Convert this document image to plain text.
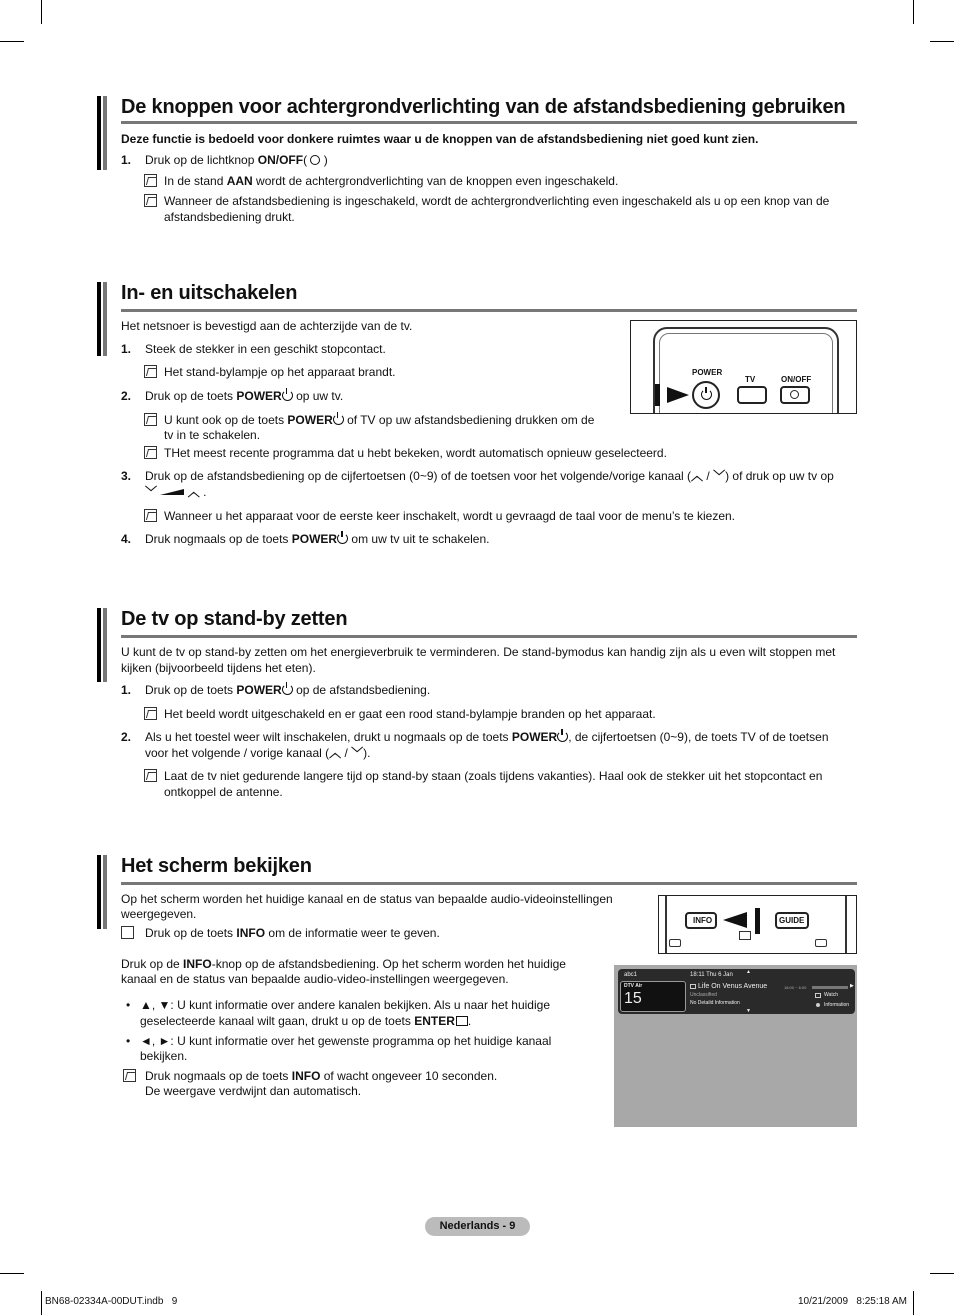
De knoppen voor achtergrondverlichting van de afstandsbediening gebruiken
Deze functie is bedoeld voor donkere ruimtes waar u de knoppen van de afstandsbediening niet goed kunt zien.
1. Druk op de lichtknop ON/OFF( )
In de stand AAN wordt de achtergrondverlichting van de knoppen even ingeschakeld.
Wanneer de afstandsbediening is ingeschakeld, wordt de achtergrondverlichting even ingeschakeld als u op een knop van de
afstandsbediening drukt.
In- en uitschakelen
Het netsnoer is bevestigd aan de achterzijde van de tv.
1. Steek de stekker in een geschikt stopcontact.
Het stand-bylampje op het apparaat brandt.
2. Druk op de toets POWER op uw tv.
U kunt ook op de toets POWER of TV op uw afstandsbediening drukken om de
tv in te schakelen.
THet meest recente programma dat u hebt bekeken, wordt automatisch opnieuw geselecteerd.
3. Druk op de afstandsbediening op de cijfertoetsen (0~9) of de toetsen voor het volgende/vorige kanaal (︿ / ﹀) of druk op uw tv op
﹀	︿ .
Wanneer u het apparaat voor de eerste keer inschakelt, wordt u gevraagd de taal voor de menu’s te kiezen.
4. Druk nogmaals op de toets POWER om uw tv uit te schakelen.
POWER
TV	ON/OFF
De tv op stand-by zetten
U kunt de tv op stand-by zetten om het energieverbruik te verminderen. De stand-bymodus kan handig zijn als u even wilt stoppen met
kijken (bijvoorbeeld tijdens het eten).
1. Druk op de toets POWER op de afstandsbediening.
Het beeld wordt uitgeschakeld en er gaat een rood stand-bylampje branden op het apparaat.
2. Als u het toestel weer wilt inschakelen, drukt u nogmaals op de toets POWER , de cijfertoetsen (0~9), de toets TV of de toetsen
voor het volgende / vorige kanaal (︿ / ﹀).
Laat de tv niet gedurende langere tijd op stand-by staan (zoals tijdens vakanties). Haal ook de stekker uit het stopcontact en
ontkoppel de antenne.
Het scherm bekijken
Op het scherm worden het huidige kanaal en de status van bepaalde audio-videoinstellingen
weergegeven.
Druk op de toets INFO om de informatie weer te geven.
Druk op de INFO-knop op de afstandsbediening. Op het scherm worden het huidige
kanaal en de status van bepaalde audio-video-instellingen weergegeven.
• ▲, ▼: U kunt informatie over andere kanalen bekijken. Als u naar het huidige
geselecteerde kanaal wilt gaan, drukt u op de toets ENTER .
• ◄, ►: U kunt informatie over het gewenste programma op het huidige kanaal
bekijken.
Druk nogmaals op de toets INFO of wacht ongeveer 10 seconden.
De weergave verdwijnt dan automatisch.
INFO	GUIDE
abc1
DTV Air
15
18:11 Thu 6 Jan	▲
Life On Venus Avenue
Unclassified
No Detaild Information
18:00 ~ 6:00	▶
Watch
Information
▼
Nederlands - 9
BN68-02334A-00DUT.indb   9	10/21/2009   8:25:18 AM
